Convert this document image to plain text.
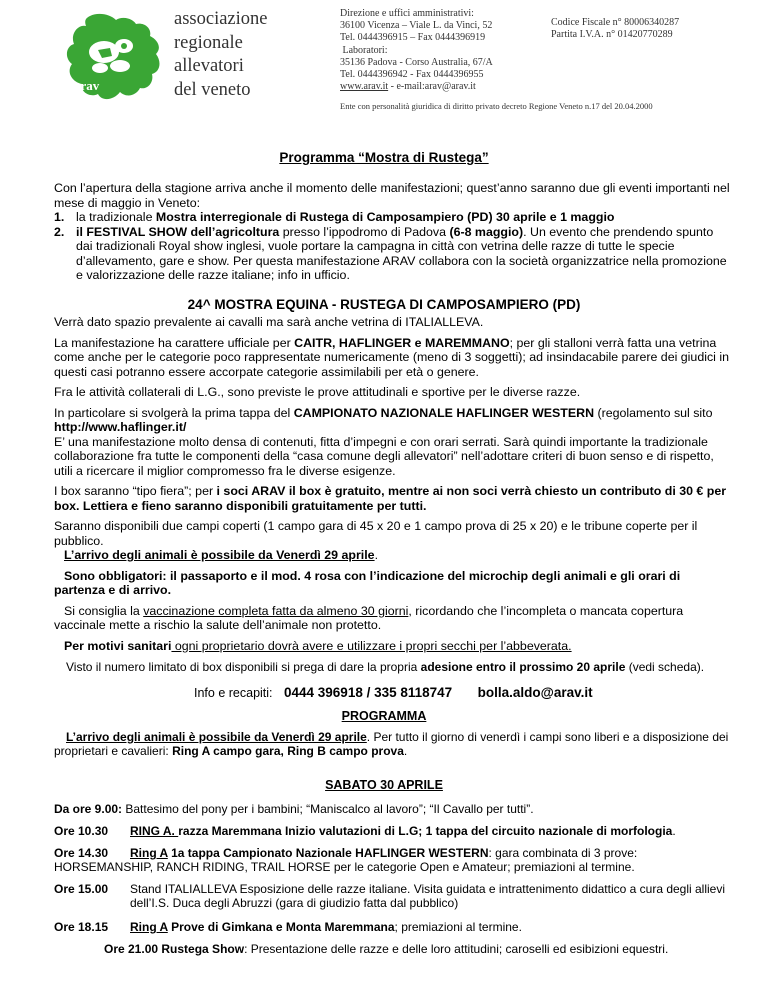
arav
associazione
regionale
allevatori
del veneto
Direzione e uffici amministrativi:
36100 Vicenza – Viale L. da Vinci, 52
Tel. 0444396915 – Fax 0444396919
Laboratori:
35136 Padova - Corso Australia, 67/A
Tel. 0444396942 - Fax 0444396955
www.arav.it - e-mail:arav@arav.it
Codice Fiscale n° 80006340287
Partita I.V.A. n° 01420770289
Ente con personalità giuridica di diritto privato decreto Regione Veneto n.17 del 20.04.2000
Programma “Mostra di Rustega”

Con l’apertura della stagione arriva anche il momento delle manifestazioni; quest’anno saranno due gli eventi importanti nel mese di maggio in Veneto:

1. la tradizionale Mostra interregionale di Rustega di Camposampiero (PD) 30 aprile e 1 maggio
2. il FESTIVAL SHOW dell’agricoltura presso l’ippodromo di Padova (6-8 maggio). Un evento che prendendo spunto dai tradizionali Royal show inglesi, vuole portare la campagna in città con vetrina delle razze di tutte le specie d’allevamento, gare e show. Per questa manifestazione ARAV collabora con la società organizzatrice nella promozione e valorizzazione delle razze italiane; info in ufficio.
24^ MOSTRA EQUINA - RUSTEGA DI CAMPOSAMPIERO (PD)

Verrà dato spazio prevalente ai cavalli ma sarà anche vetrina di ITALIALLEVA.

La manifestazione ha carattere ufficiale per CAITR, HAFLINGER e MAREMMANO; per gli stalloni verrà fatta una vetrina come anche per le categorie poco rappresentate numericamente (meno di 3 soggetti); ad insindacabile parere dei giudici in questi casi potranno essere accorpate categorie assimilabili per età o genere.

Fra le attività collaterali di L.G., sono previste le prove attitudinali e sportive per le diverse razze.

In particolare si svolgerà la prima tappa del CAMPIONATO NAZIONALE HAFLINGER WESTERN (regolamento sul sito http://www.haflinger.it/
E’ una manifestazione molto densa di contenuti, fitta d’impegni e con orari serrati. Sarà quindi importante la tradizionale collaborazione fra tutte le componenti della “casa comune degli allevatori” nell’adottare criteri di buon senso e di rispetto, utili a ricercare il miglior compromesso fra le diverse esigenze.

I box saranno “tipo fiera”; per i soci ARAV il box è gratuito, mentre ai non soci verrà chiesto un contributo di 30 € per box. Lettiera e fieno saranno disponibili gratuitamente per tutti.

Saranno disponibili due campi coperti (1 campo gara di 45 x 20 e 1 campo prova di 25 x 20) e le tribune coperte per il pubblico.
L’arrivo degli animali è possibile da Venerdì 29 aprile.

Sono obbligatori: il passaporto e il mod. 4 rosa con l’indicazione del microchip degli animali e gli orari di partenza e di arrivo.

Si consiglia la vaccinazione completa fatta da almeno 30 giorni, ricordando che l’incompleta o mancata copertura vaccinale mette a rischio la salute dell’animale non protetto.

Per motivi sanitari ogni proprietario dovrà avere e utilizzare i propri secchi per l’abbeverata.

Visto il numero limitato di box disponibili si prega di dare la propria adesione entro il prossimo 20 aprile (vedi scheda).
Info e recapiti: 0444 396918 / 335 8118747 bolla.aldo@arav.it
PROGRAMMA
L’arrivo degli animali è possibile da Venerdì 29 aprile. Per tutto il giorno di venerdì i campi sono liberi e a disposizione dei proprietari e cavalieri: Ring A campo gara, Ring B campo prova.
SABATO 30 APRILE
Da ore 9.00: Battesimo del pony per i bambini; “Maniscalco al lavoro”; “Il Cavallo per tutti”.
Ore 10.30 RING A. razza Maremmana Inizio valutazioni di L.G; 1 tappa del circuito nazionale di morfologia.
Ore 14.30 Ring A 1a tappa Campionato Nazionale HAFLINGER WESTERN: gara combinata di 3 prove: HORSEMANSHIP, RANCH RIDING, TRAIL HORSE per le categorie Open e Amateur; premiazioni al termine.
Ore 15.00 Stand ITALIALLEVA Esposizione delle razze italiane. Visita guidata e intrattenimento didattico a cura degli allievi dell’I.S. Duca degli Abruzzi (gara di giudizio fatta dal pubblico)
Ore 18.15 Ring A Prove di Gimkana e Monta Maremmana; premiazioni al termine.
Ore 21.00 Rustega Show: Presentazione delle razze e delle loro attitudini; caroselli ed esibizioni equestri.
